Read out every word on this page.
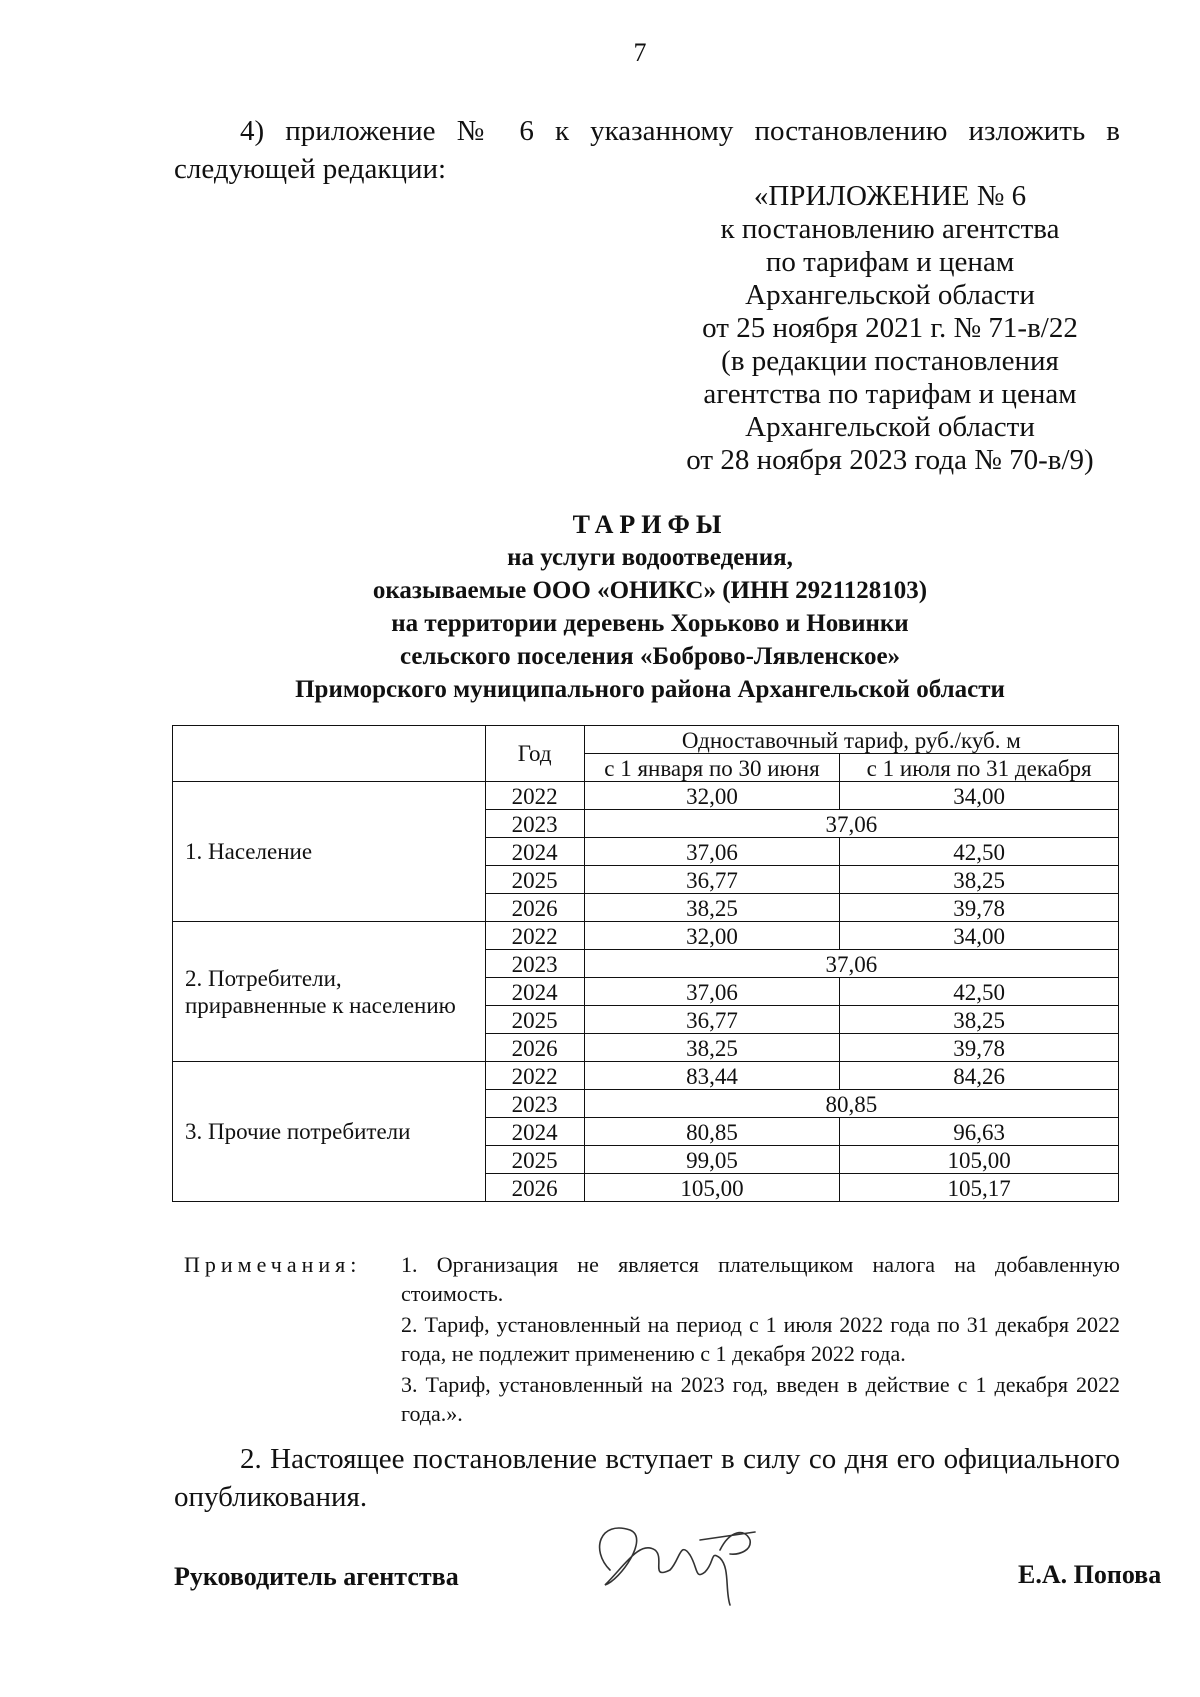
7
4) приложение № 6 к указанному постановлению изложить в следующей редакции:
«ПРИЛОЖЕНИЕ № 6
к постановлению агентства
по тарифам и ценам
Архангельской области
от 25 ноября 2021 г. № 71-в/22
(в редакции постановления
агентства по тарифам и ценам
Архангельской области
от 28 ноября 2023 года № 70-в/9)
ТАРИФЫ
на услуги водоотведения,
оказываемые ООО «ОНИКС» (ИНН 2921128103)
на территории деревень Хорьково и Новинки
сельского поселения «Боброво-Лявленское»
Приморского муниципального района Архангельской области
	Год	Одноставочный тариф, руб./куб. м	
		с 1 января по 30 июня	с 1 июля по 31 декабря
1. Население	2022	32,00	34,00
	2023	37,06	
	2024	37,06	42,50
	2025	36,77	38,25
	2026	38,25	39,78
2. Потребители, приравненные к населению	2022	32,00	34,00
	2023	37,06	
	2024	37,06	42,50
	2025	36,77	38,25
	2026	38,25	39,78
3. Прочие потребители	2022	83,44	84,26
	2023	80,85	
	2024	80,85	96,63
	2025	99,05	105,00
	2026	105,00	105,17
Примечания: 1. Организация не является плательщиком налога на добавленную стоимость.
2. Тариф, установленный на период с 1 июля 2022 года по 31 декабря 2022 года, не подлежит применению с 1 декабря 2022 года.
3. Тариф, установленный на 2023 год, введен в действие с 1 декабря 2022 года.».
2. Настоящее постановление вступает в силу со дня его официального опубликования.
Руководитель агентства	Е.А. Попова
